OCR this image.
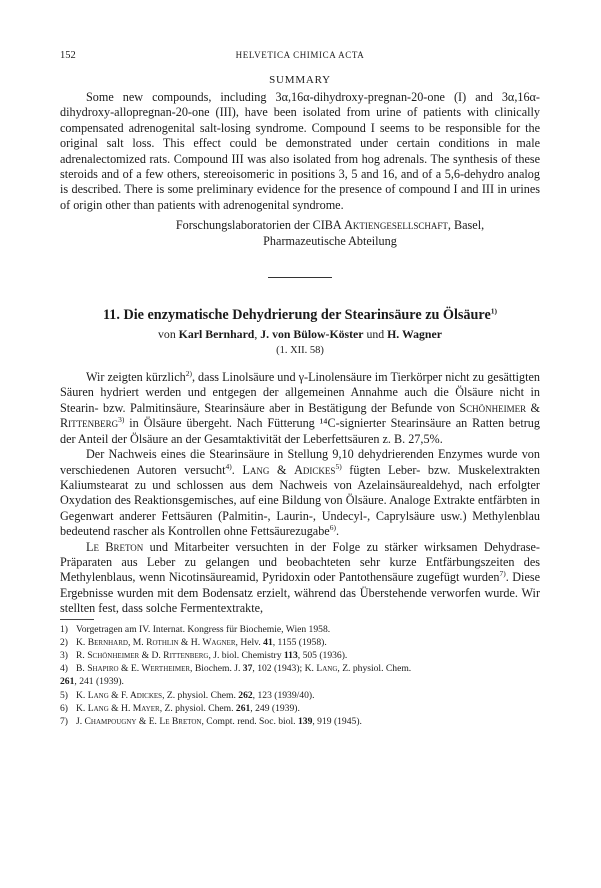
152	HELVETICA CHIMICA ACTA
SUMMARY

Some new compounds, including 3α,16α-dihydroxy-pregnan-20-one (I) and 3α,16α-dihydroxy-allopregnan-20-one (III), have been isolated from urine of patients with clinically compensated adrenogenital salt-losing syndrome. Compound I seems to be responsible for the original salt loss. This effect could be demonstrated under certain conditions in male adrenalectomized rats. Compound III was also isolated from hog adrenals. The synthesis of these steroids and of a few others, stereoisomeric in positions 3, 5 and 16, and of a 5,6-dehydro analog is described. There is some preliminary evidence for the presence of compound I and III in urines of origin other than patients with adrenogenital syndrome.

Forschungslaboratorien der CIBA Aktiengesellschaft, Basel,
Pharmazeutische Abteilung
11. Die enzymatische Dehydrierung der Stearinsäure zu Ölsäure$^{1)}$
von Karl Bernhard, J. von Bülow-Köster und H. Wagner
(1. XII. 58)

Wir zeigten kürzlich$^{2)}$, dass Linolsäure und γ-Linolensäure im Tierkörper nicht zu gesättigten Säuren hydriert werden und entgegen der allgemeinen Annahme auch die Ölsäure nicht in Stearin- bzw. Palmitinsäure, Stearinsäure aber in Bestätigung der Befunde von Schönheimer & Rittenberg$^{3)}$ in Ölsäure übergeht. Nach Fütterung ¹⁴C-signierter Stearinsäure an Ratten betrug der Anteil der Ölsäure an der Gesamtaktivität der Leberfettsäuren z. B. 27,5%.

Der Nachweis eines die Stearinsäure in Stellung 9,10 dehydrierenden Enzymes wurde von verschiedenen Autoren versucht$^{4)}$. Lang & Adickes$^{5)}$ fügten Leber- bzw. Muskelextrakten Kaliumstearat zu und schlossen aus dem Nachweis von Azelainsäurealdehyd, nach erfolgter Oxydation des Reaktionsgemisches, auf eine Bildung von Ölsäure. Analoge Extrakte entfärbten in Gegenwart anderer Fettsäuren (Palmitin-, Laurin-, Undecyl-, Caprylsäure usw.) Methylenblau bedeutend rascher als Kontrollen ohne Fettsäurezugabe$^{6)}$.

Le Breton und Mitarbeiter versuchten in der Folge zu stärker wirksamen Dehydrase-Präparaten aus Leber zu gelangen und beobachteten sehr kurze Entfärbungszeiten des Methylenblaus, wenn Nicotinsäureamid, Pyridoxin oder Pantothensäure zugefügt wurden$^{7)}$. Diese Ergebnisse wurden mit dem Bodensatz erzielt, während das Überstehende verworfen wurde. Wir stellten fest, dass solche Fermentextrakte,

1) Vorgetragen am IV. Internat. Kongress für Biochemie, Wien 1958.
2) K. Bernhard, M. Rothlin & H. Wagner, Helv. 41, 1155 (1958).
3) R. Schönheimer & D. Rittenberg, J. biol. Chemistry 113, 505 (1936).
4) B. Shapiro & E. Wertheimer, Biochem. J. 37, 102 (1943); K. Lang, Z. physiol. Chem.
261, 241 (1939).
5) K. Lang & F. Adickes, Z. physiol. Chem. 262, 123 (1939/40).
6) K. Lang & H. Mayer, Z. physiol. Chem. 261, 249 (1939).
7) J. Champougny & E. Le Breton, Compt. rend. Soc. biol. 139, 919 (1945).
